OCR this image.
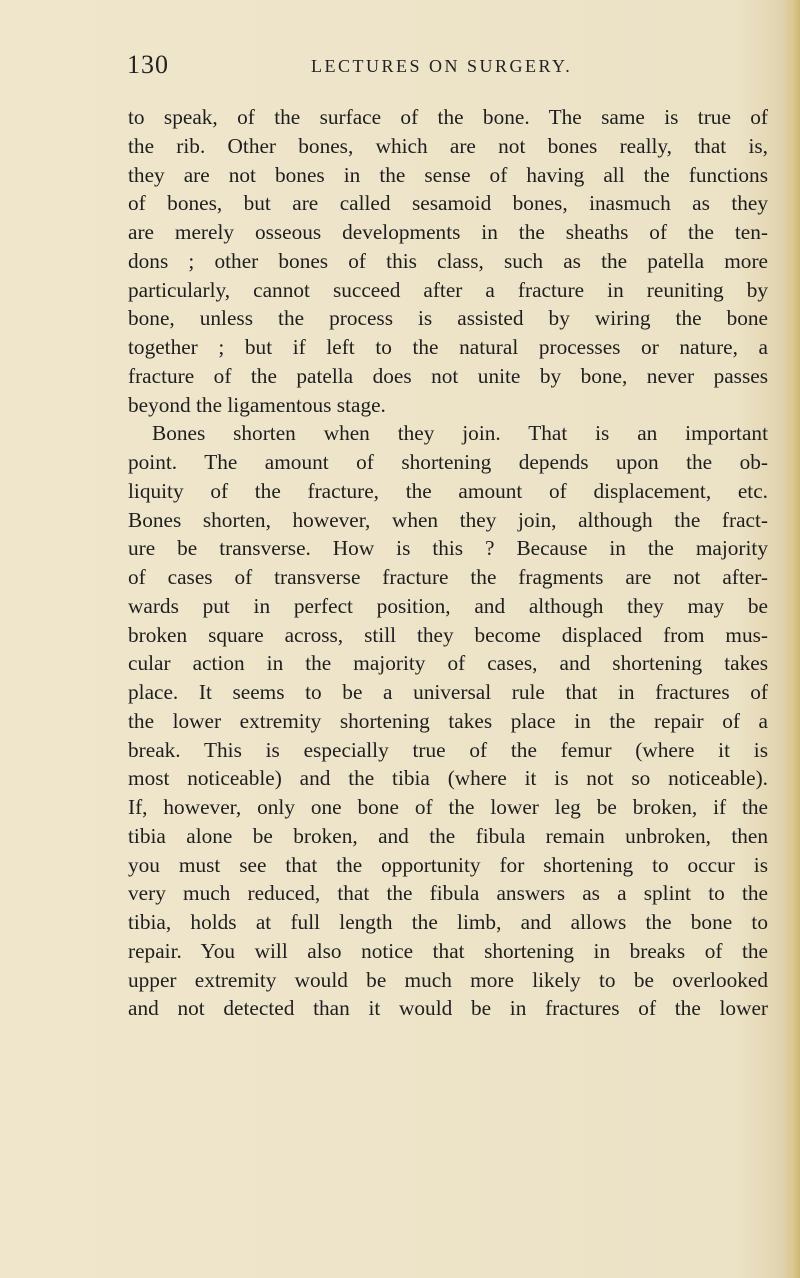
130	LECTURES ON SURGERY.
to speak, of the surface of the bone. The same is true of
the rib. Other bones, which are not bones really, that is,
they are not bones in the sense of having all the functions
of bones, but are called sesamoid bones, inasmuch as they
are merely osseous developments in the sheaths of the ten-
dons ; other bones of this class, such as the patella more
particularly, cannot succeed after a fracture in reuniting by
bone, unless the process is assisted by wiring the bone
together ; but if left to the natural processes or nature, a
fracture of the patella does not unite by bone, never passes
beyond the ligamentous stage.
Bones shorten when they join. That is an important
point. The amount of shortening depends upon the ob-
liquity of the fracture, the amount of displacement, etc.
Bones shorten, however, when they join, although the fract-
ure be transverse. How is this ? Because in the majority
of cases of transverse fracture the fragments are not after-
wards put in perfect position, and although they may be
broken square across, still they become displaced from mus-
cular action in the majority of cases, and shortening takes
place. It seems to be a universal rule that in fractures of
the lower extremity shortening takes place in the repair of a
break. This is especially true of the femur (where it is
most noticeable) and the tibia (where it is not so noticeable).
If, however, only one bone of the lower leg be broken, if the
tibia alone be broken, and the fibula remain unbroken, then
you must see that the opportunity for shortening to occur is
very much reduced, that the fibula answers as a splint to the
tibia, holds at full length the limb, and allows the bone to
repair. You will also notice that shortening in breaks of the
upper extremity would be much more likely to be overlooked
and not detected than it would be in fractures of the lower
